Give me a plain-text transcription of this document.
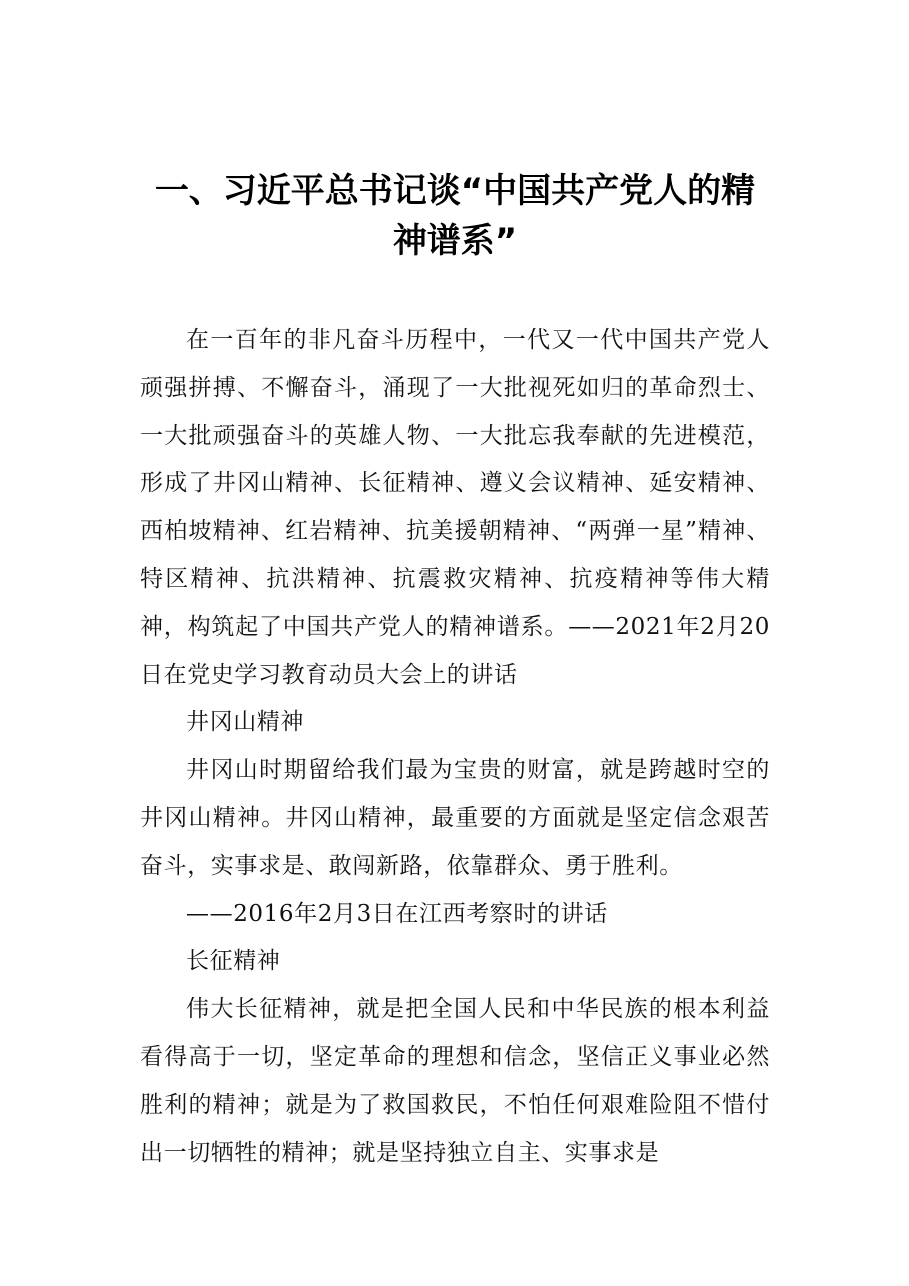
一、习近平总书记谈“中国共产党人的精
神谱系”

在一百年的非凡奋斗历程中，一代又一代中国共产党人顽强拼搏、不懈奋斗，涌现了一大批视死如归的革命烈士、一大批顽强奋斗的英雄人物、一大批忘我奉献的先进模范，形成了井冈山精神、长征精神、遵义会议精神、延安精神、西柏坡精神、红岩精神、抗美援朝精神、“两弹一星”精神、特区精神、抗洪精神、抗震救灾精神、抗疫精神等伟大精神，构筑起了中国共产党人的精神谱系。——2021年2月20日在党史学习教育动员大会上的讲话

井冈山精神

井冈山时期留给我们最为宝贵的财富，就是跨越时空的井冈山精神。井冈山精神，最重要的方面就是坚定信念艰苦奋斗，实事求是、敢闯新路，依靠群众、勇于胜利。

——2016年2月3日在江西考察时的讲话

长征精神

伟大长征精神，就是把全国人民和中华民族的根本利益看得高于一切，坚定革命的理想和信念，坚信正义事业必然胜利的精神；就是为了救国救民，不怕任何艰难险阻不惜付出一切牺牲的精神；就是坚持独立自主、实事求是
